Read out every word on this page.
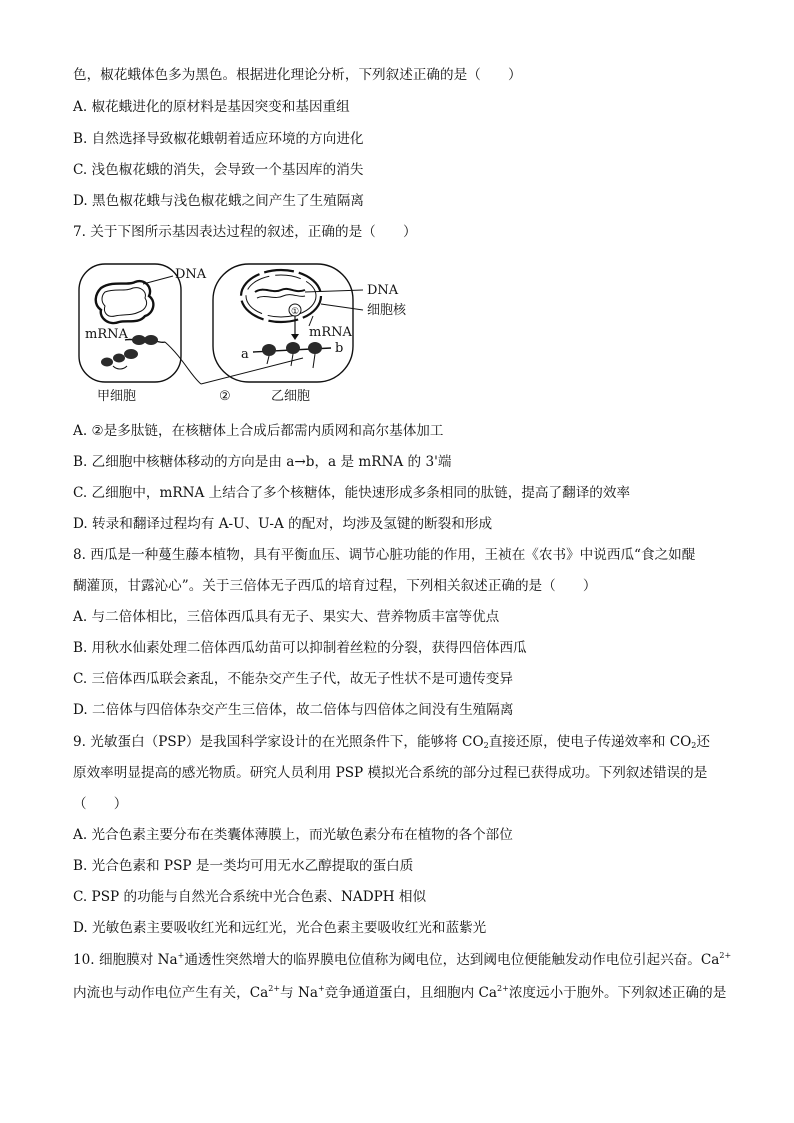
色，椒花蛾体色多为黑色。根据进化理论分析，下列叙述正确的是（　　）
A. 椒花蛾进化的原材料是基因突变和基因重组
B. 自然选择导致椒花蛾朝着适应环境的方向进化
C. 浅色椒花蛾的消失，会导致一个基因库的消失
D. 黑色椒花蛾与浅色椒花蛾之间产生了生殖隔离
7. 关于下图所示基因表达过程的叙述，正确的是（　　）
DNA
mRNA
甲细胞	②
DNA
细胞核
①
mRNA
a	b
乙细胞
A. ②是多肽链，在核糖体上合成后都需内质网和高尔基体加工
B. 乙细胞中核糖体移动的方向是由 a→b，a 是 mRNA 的 3'端
C. 乙细胞中，mRNA 上结合了多个核糖体，能快速形成多条相同的肽链，提高了翻译的效率
D. 转录和翻译过程均有 A-U、U-A 的配对，均涉及氢键的断裂和形成
8. 西瓜是一种蔓生藤本植物，具有平衡血压、调节心脏功能的作用，王祯在《农书》中说西瓜“食之如醍
醐灌顶，甘露沁心”。关于三倍体无子西瓜的培育过程，下列相关叙述正确的是（　　）
A. 与二倍体相比，三倍体西瓜具有无子、果实大、营养物质丰富等优点
B. 用秋水仙素处理二倍体西瓜幼苗可以抑制着丝粒的分裂，获得四倍体西瓜
C. 三倍体西瓜联会紊乱，不能杂交产生子代，故无子性状不是可遗传变异
D. 二倍体与四倍体杂交产生三倍体，故二倍体与四倍体之间没有生殖隔离
9. 光敏蛋白（PSP）是我国科学家设计的在光照条件下，能够将 $CO_2$直接还原，使电子传递效率和 $CO_2$还
原效率明显提高的感光物质。研究人员利用 PSP 模拟光合系统的部分过程已获得成功。下列叙述错误的是
（　　）
A. 光合色素主要分布在类囊体薄膜上，而光敏色素分布在植物的各个部位
B. 光合色素和 PSP 是一类均可用无水乙醇提取的蛋白质
C. PSP 的功能与自然光合系统中光合色素、NADPH 相似
D. 光敏色素主要吸收红光和远红光，光合色素主要吸收红光和蓝紫光
10. 细胞膜对 Na+通透性突然增大的临界膜电位值称为阈电位，达到阈电位便能触发动作电位引起兴奋。$Ca^{2+}$
内流也与动作电位产生有关，$Ca^{2+}$与 Na+竞争通道蛋白，且细胞内 $Ca^{2+}$浓度远小于胞外。下列叙述正确的是
